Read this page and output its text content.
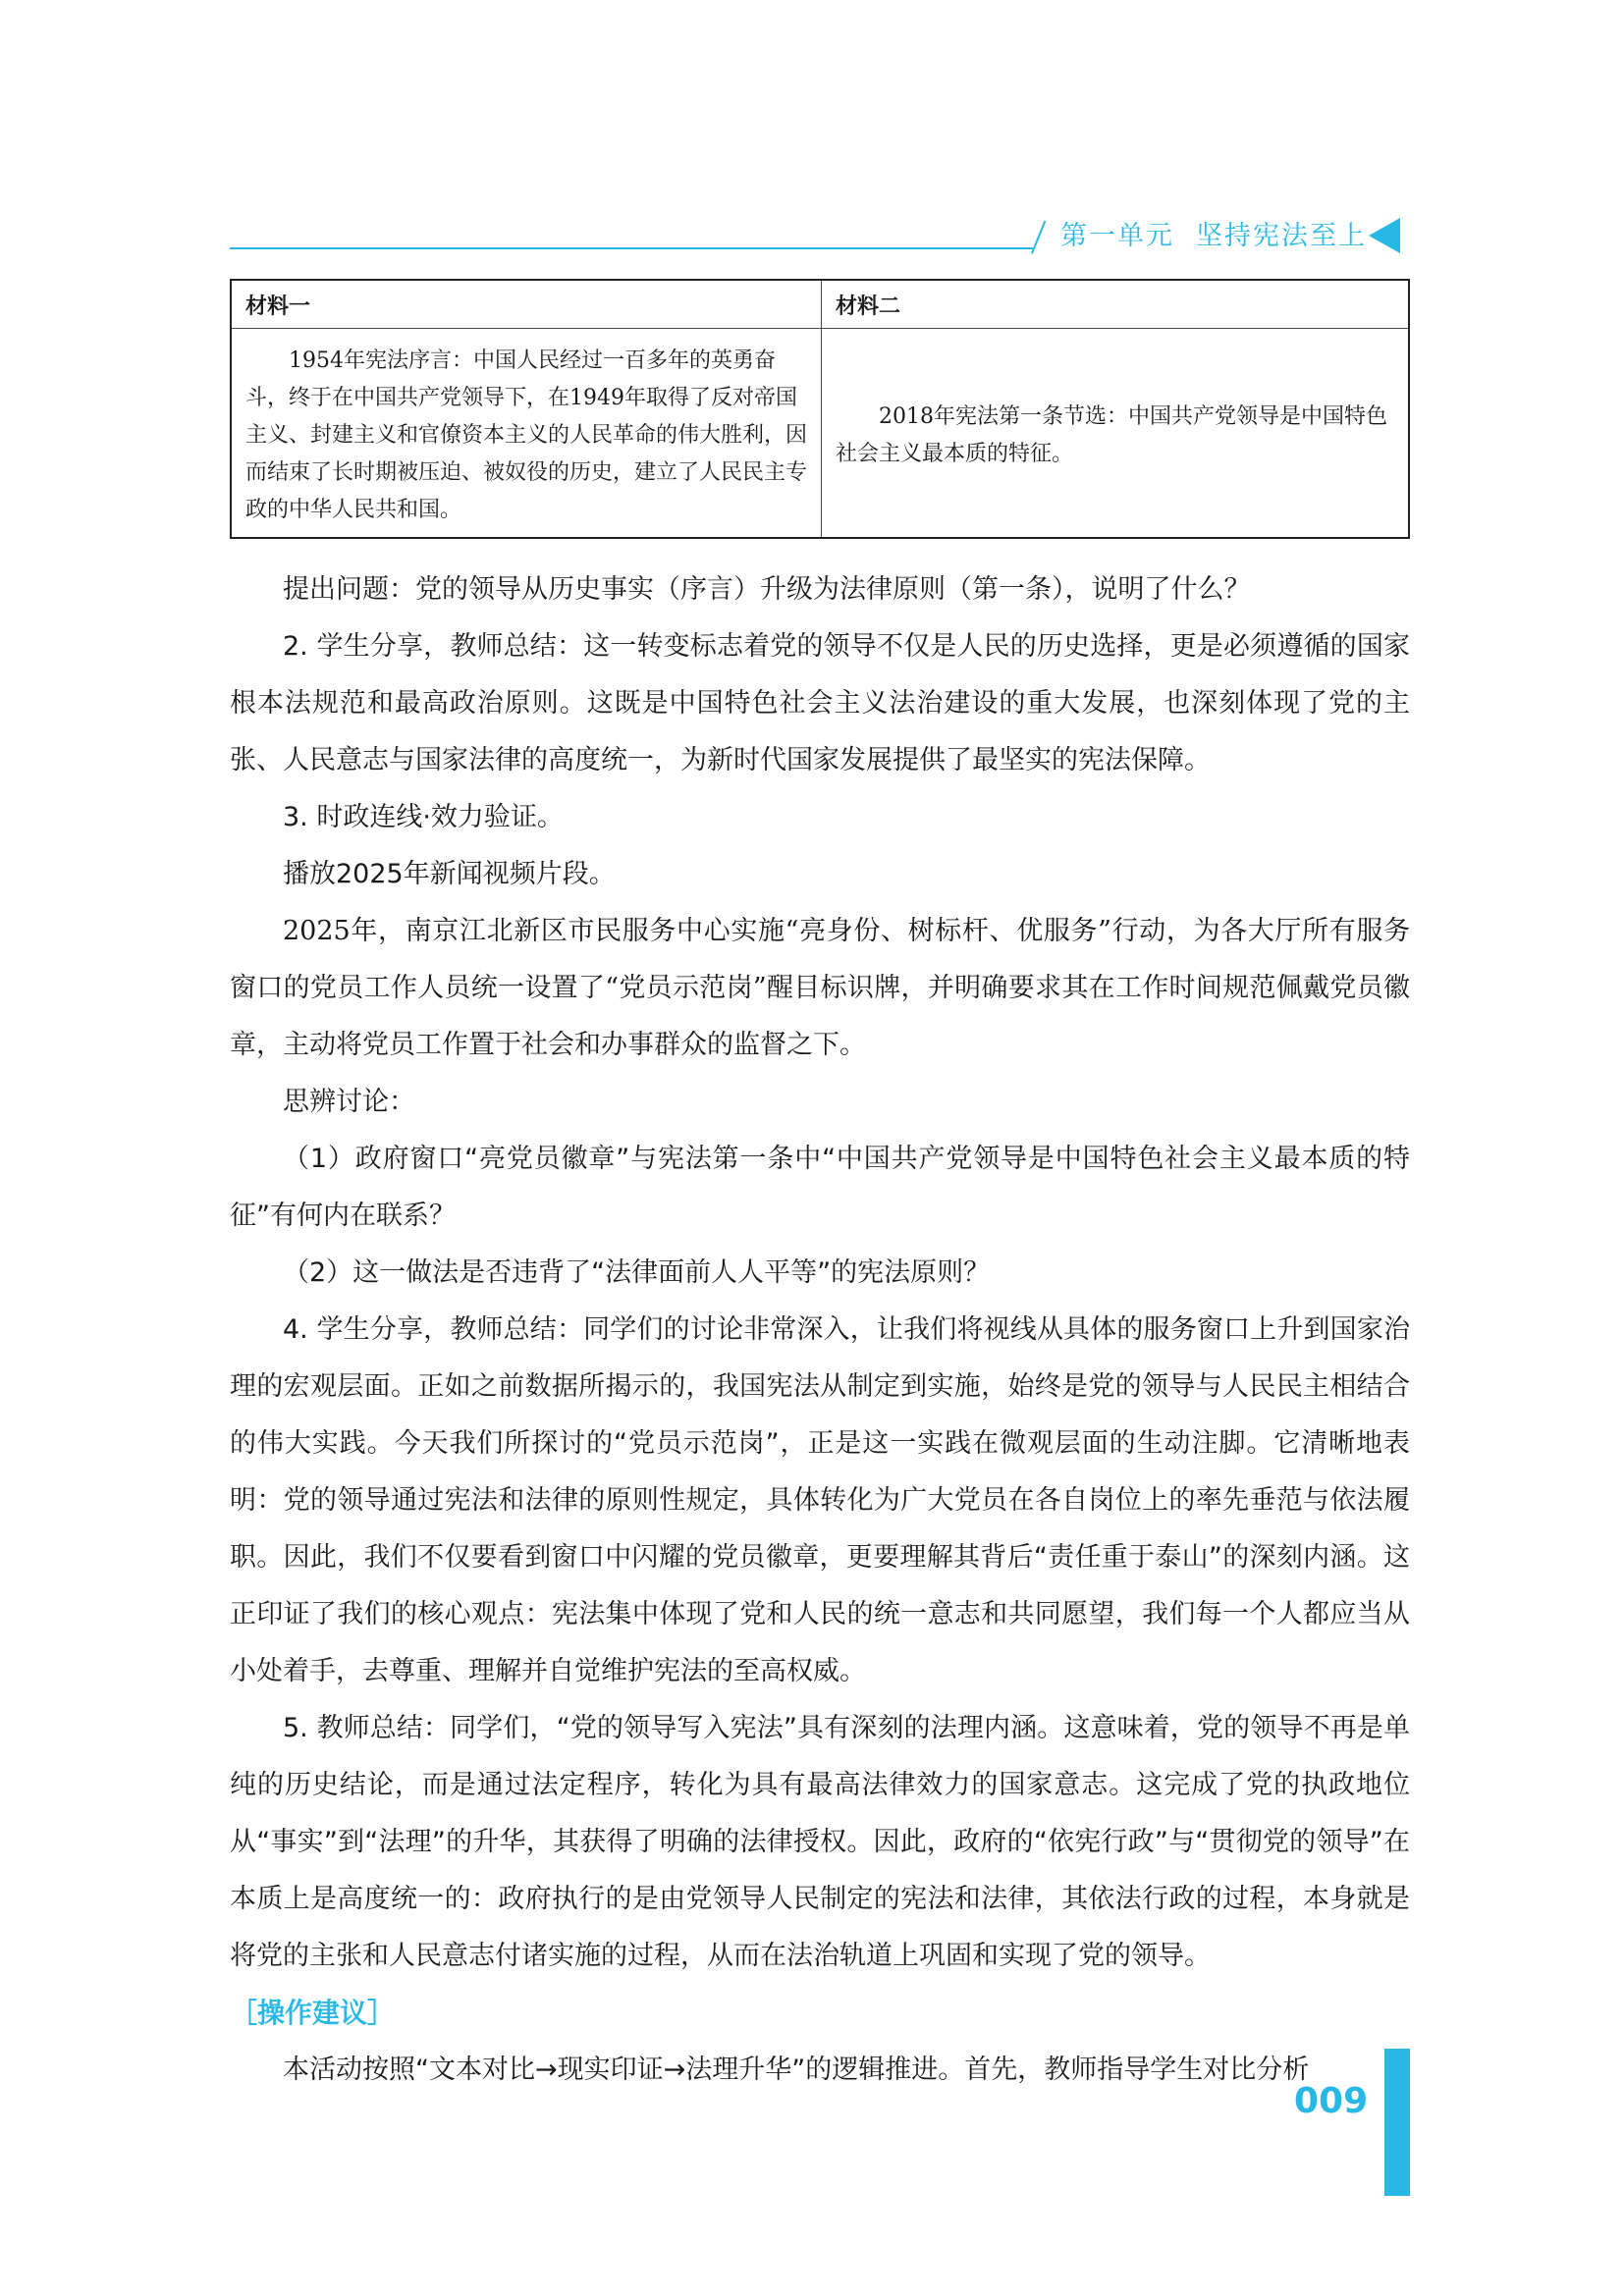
第一单元 坚持宪法至上
材料一	材料二
1954年宪法序言：中国人民经过一百多年的英勇奋斗，终于在中国共产党领导下，在1949年取得了反对帝国主义、封建主义和官僚资本主义的人民革命的伟大胜利，因而结束了长时期被压迫、被奴役的历史，建立了人民民主专政的中华人民共和国。	2018年宪法第一条节选：中国共产党领导是中国特色社会主义最本质的特征。

提出问题：党的领导从历史事实（序言）升级为法律原则（第一条），说明了什么？

2. 学生分享，教师总结：这一转变标志着党的领导不仅是人民的历史选择，更是必须遵循的国家根本法规范和最高政治原则。这既是中国特色社会主义法治建设的重大发展，也深刻体现了党的主张、人民意志与国家法律的高度统一，为新时代国家发展提供了最坚实的宪法保障。

3. 时政连线·效力验证。

播放2025年新闻视频片段。

2025年，南京江北新区市民服务中心实施“亮身份、树标杆、优服务”行动，为各大厅所有服务窗口的党员工作人员统一设置了“党员示范岗”醒目标识牌，并明确要求其在工作时间规范佩戴党员徽章，主动将党员工作置于社会和办事群众的监督之下。

思辨讨论：

（1）政府窗口“亮党员徽章”与宪法第一条中“中国共产党领导是中国特色社会主义最本质的特征”有何内在联系？

（2）这一做法是否违背了“法律面前人人平等”的宪法原则？

4. 学生分享，教师总结：同学们的讨论非常深入，让我们将视线从具体的服务窗口上升到国家治理的宏观层面。正如之前数据所揭示的，我国宪法从制定到实施，始终是党的领导与人民民主相结合的伟大实践。今天我们所探讨的“党员示范岗”，正是这一实践在微观层面的生动注脚。它清晰地表明：党的领导通过宪法和法律的原则性规定，具体转化为广大党员在各自岗位上的率先垂范与依法履职。因此，我们不仅要看到窗口中闪耀的党员徽章，更要理解其背后“责任重于泰山”的深刻内涵。这正印证了我们的核心观点：宪法集中体现了党和人民的统一意志和共同愿望，我们每一个人都应当从小处着手，去尊重、理解并自觉维护宪法的至高权威。

5. 教师总结：同学们，“党的领导写入宪法”具有深刻的法理内涵。这意味着，党的领导不再是单纯的历史结论，而是通过法定程序，转化为具有最高法律效力的国家意志。这完成了党的执政地位从“事实”到“法理”的升华，其获得了明确的法律授权。因此，政府的“依宪行政”与“贯彻党的领导”在本质上是高度统一的：政府执行的是由党领导人民制定的宪法和法律，其依法行政的过程，本身就是将党的主张和人民意志付诸实施的过程，从而在法治轨道上巩固和实现了党的领导。

［操作建议］

本活动按照“文本对比→现实印证→法理升华”的逻辑推进。首先，教师指导学生对比分析

009
